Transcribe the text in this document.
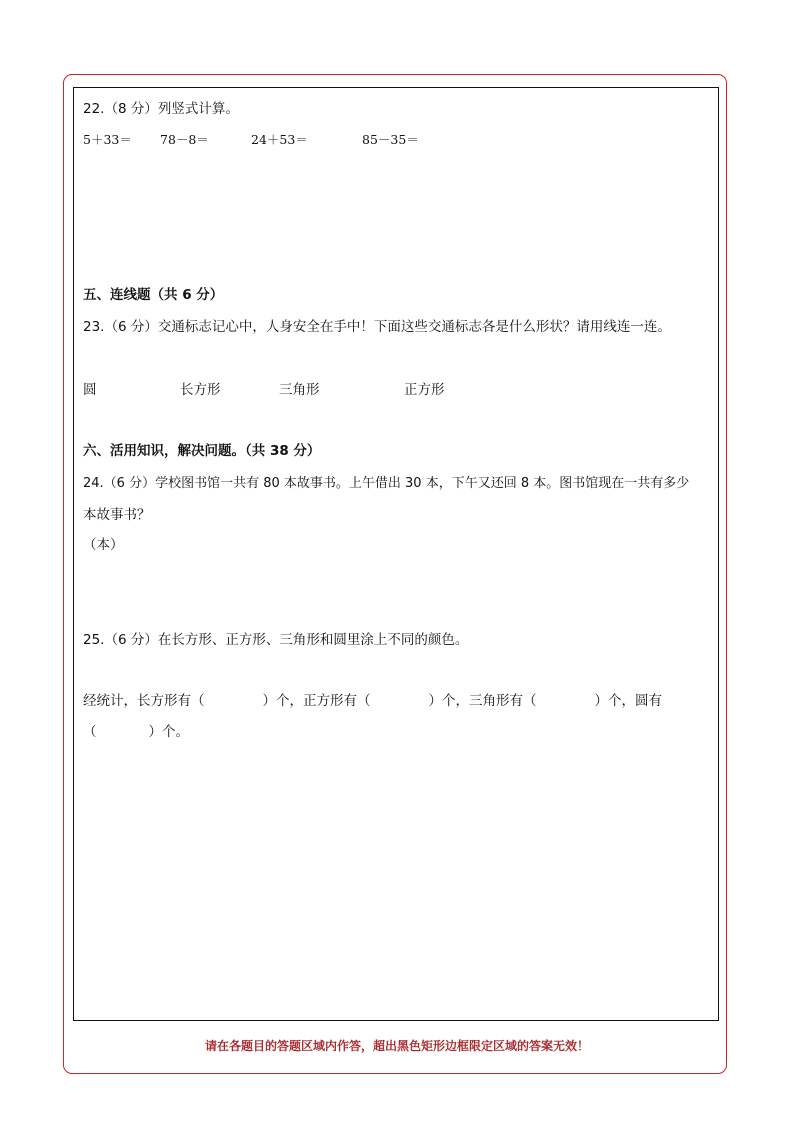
22.（8 分）列竖式计算。
5＋33＝ 78－8＝	24＋53＝	85－35＝
五、连线题（共 6 分）
23.（6 分）交通标志记心中，人身安全在手中！下面这些交通标志各是什么形状？请用线连一连。
圆	长方形	三角形	正方形
六、活用知识，解决问题。（共 38 分）
24.（6 分）学校图书馆一共有 80 本故事书。上午借出 30 本，下午又还回 8 本。图书馆现在一共有多少
本故事书？
（本）
25.（6 分）在长方形、正方形、三角形和圆里涂上不同的颜色。
经统计，长方形有（	）个，正方形有（	）个，三角形有（	）个，圆有
（	）个。
请在各题目的答题区域内作答，超出黑色矩形边框限定区域的答案无效！
